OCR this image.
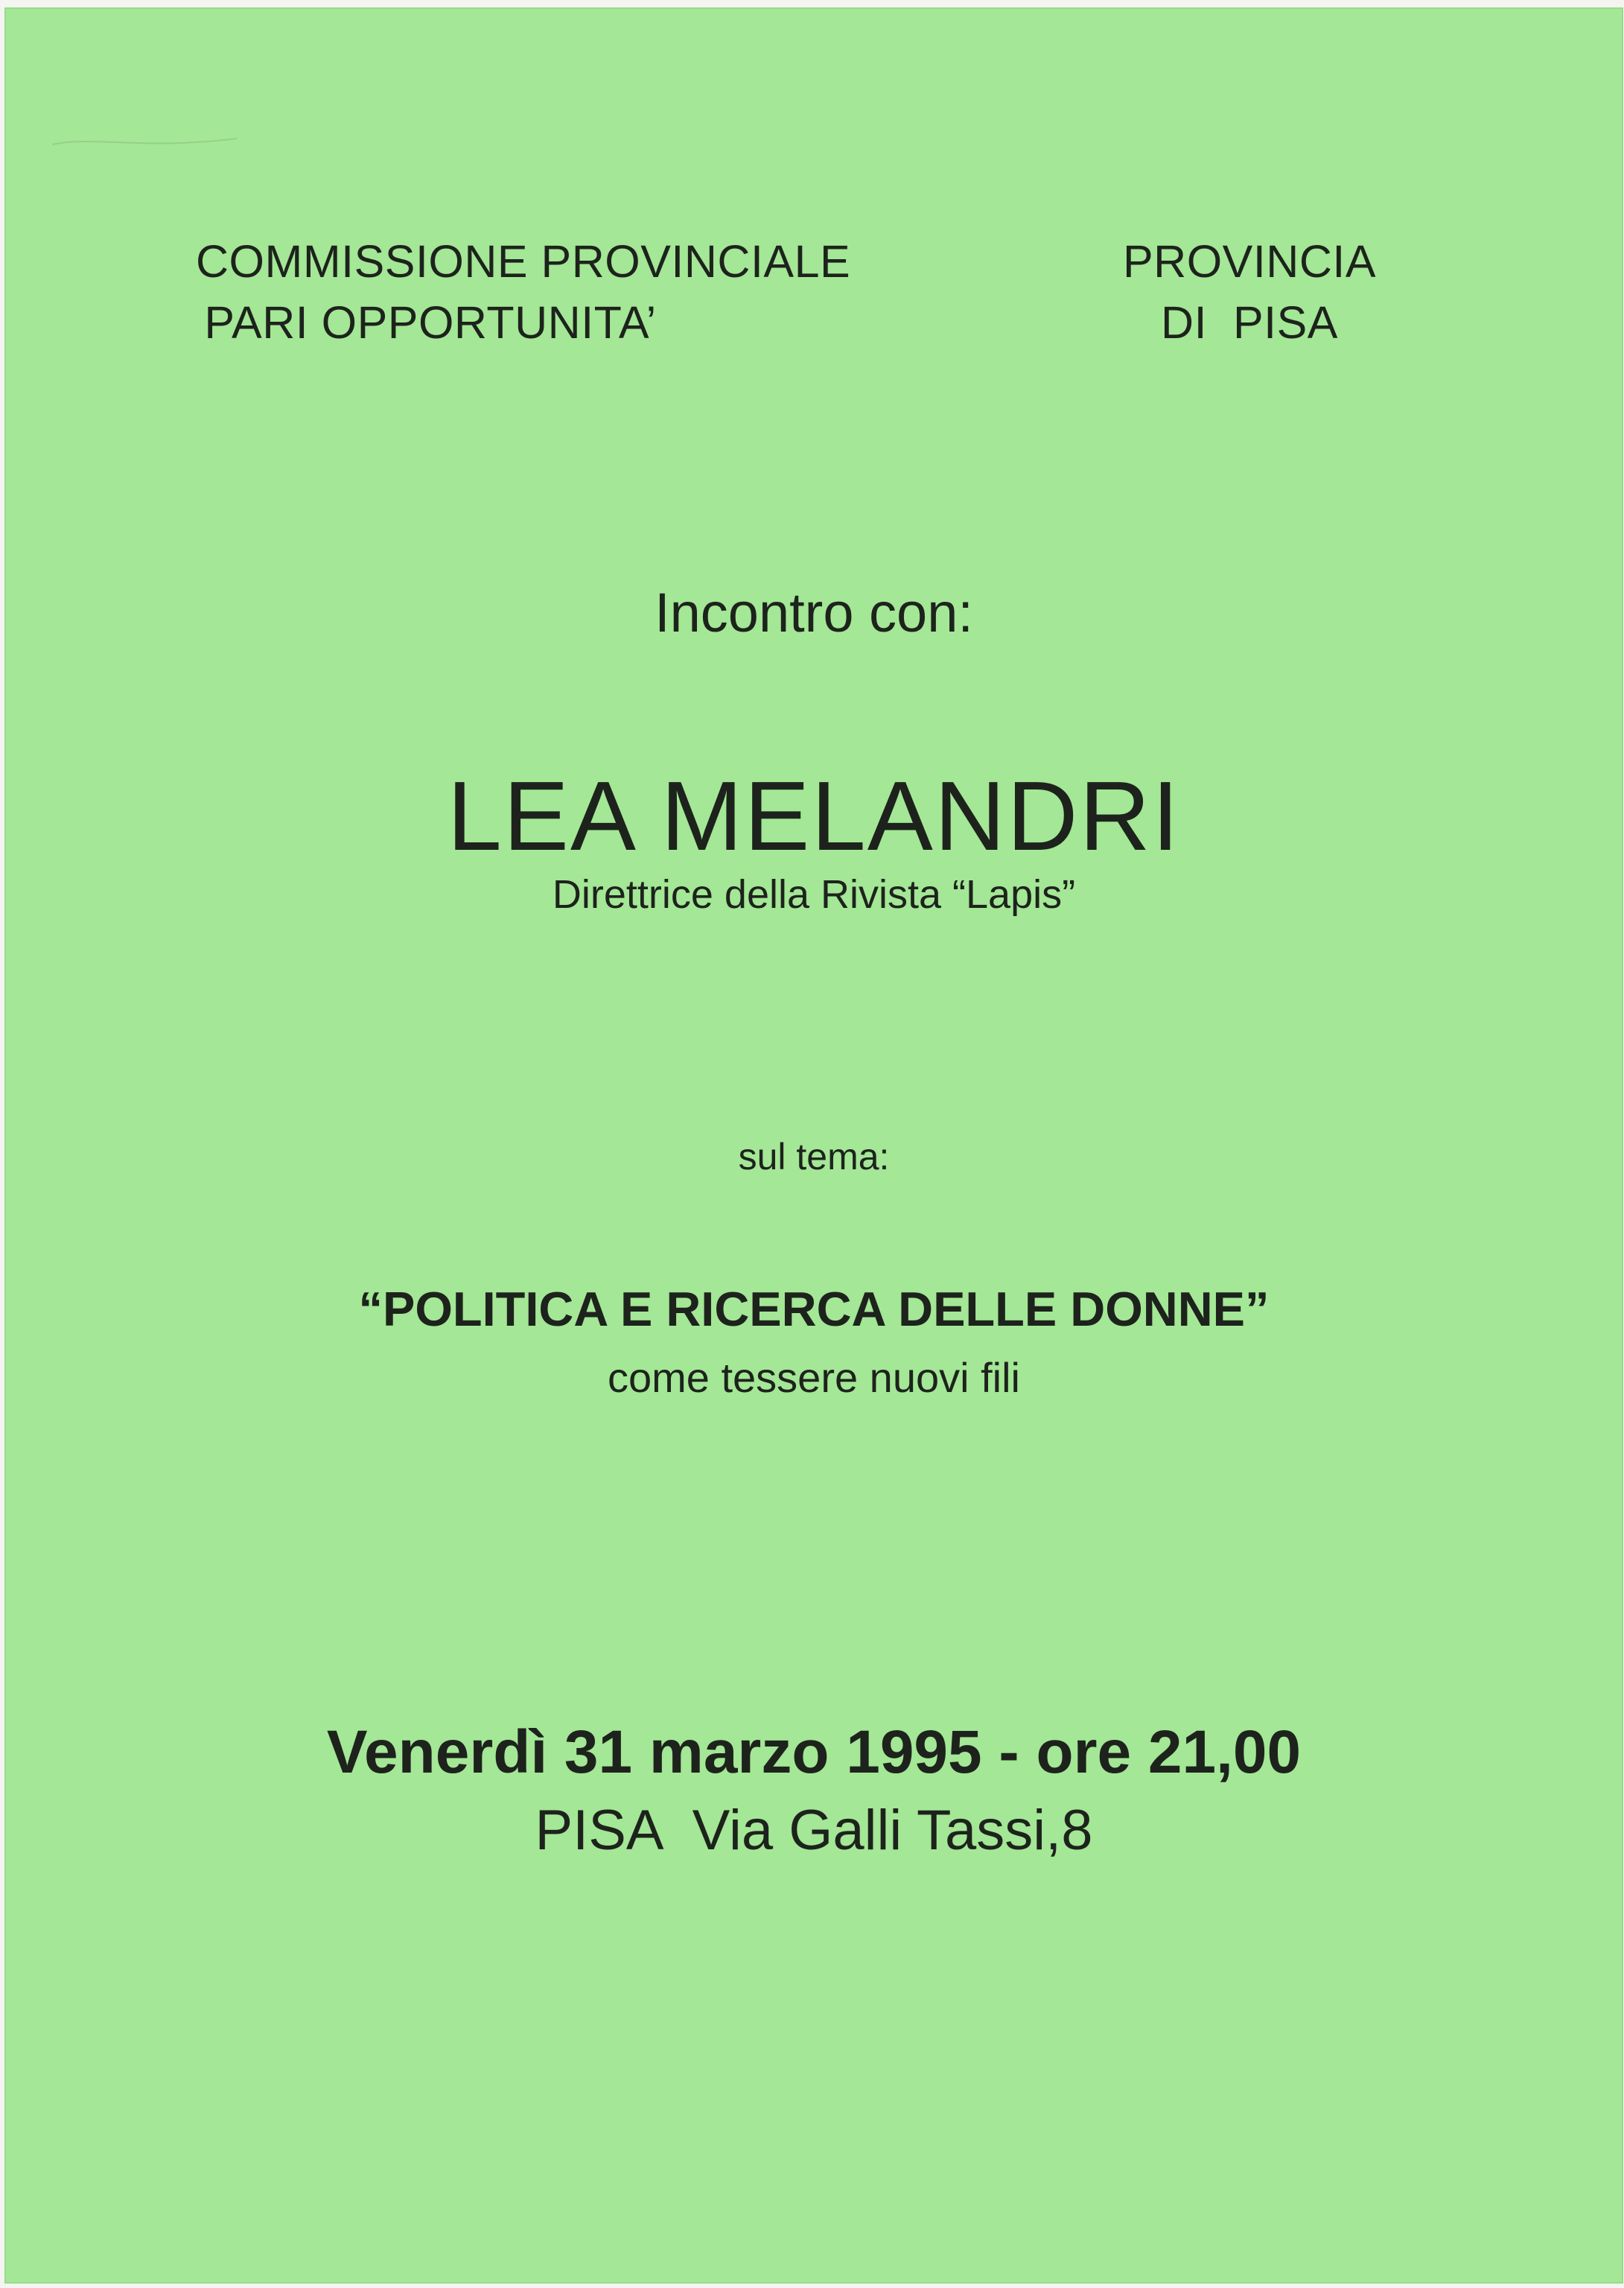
COMMISSIONE PROVINCIALE
PARI OPPORTUNITA’
PROVINCIA
DI  PISA
Incontro con:
LEA MELANDRI
Direttrice della Rivista “Lapis”
sul tema:
“POLITICA E RICERCA DELLE DONNE”
come tessere nuovi fili
Venerdì 31 marzo 1995 - ore 21,00
PISA Via Galli Tassi,8
